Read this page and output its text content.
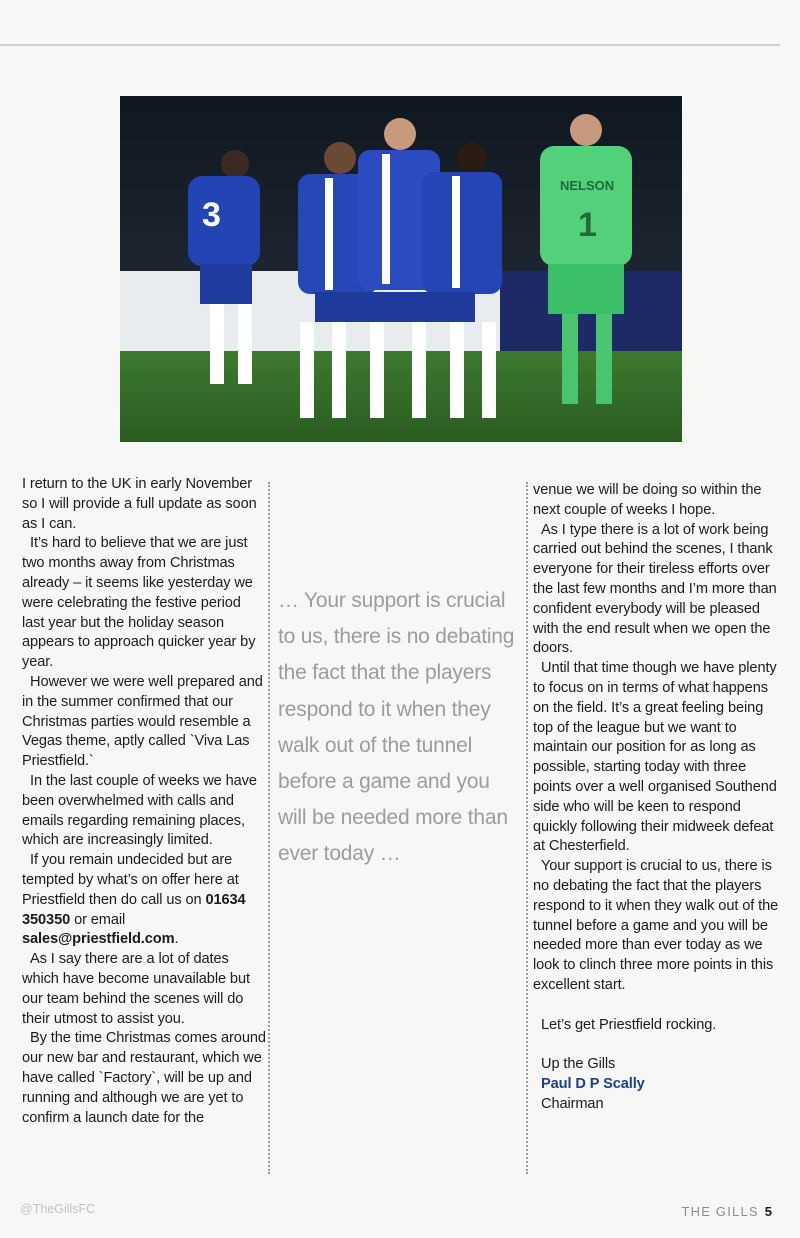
3
NELSON
1

I return to the UK in early November so I will provide a full update as soon as I can.

It’s hard to believe that we are just two months away from Christmas already – it seems like yesterday we were celebrating the festive period last year but the holiday season appears to approach quicker year by year.

However we were well prepared and in the summer confirmed that our Christmas parties would resemble a Vegas theme, aptly called `Viva Las Priestfield.`

In the last couple of weeks we have been overwhelmed with calls and emails regarding remaining places, which are increasingly limited.

If you remain undecided but are tempted by what’s on offer here at Priestfield then do call us on 01634 350350 or email sales@priestfield.com.

As I say there are a lot of dates which have become unavailable but our team behind the scenes will do their utmost to assist you.

By the time Christmas comes around our new bar and restaurant, which we have called `Factory`, will be up and running and although we are yet to confirm a launch date for the

… Your support is crucial to us, there is no debating the fact that the players respond to it when they walk out of the tunnel before a game and you will be needed more than ever today …

venue we will be doing so within the next couple of weeks I hope.

As I type there is a lot of work being carried out behind the scenes, I thank everyone for their tireless efforts over the last few months and I’m more than confident everybody will be pleased with the end result when we open the doors.

Until that time though we have plenty to focus on in terms of what happens on the field. It’s a great feeling being top of the league but we want to maintain our position for as long as possible, starting today with three points over a well organised Southend side who will be keen to respond quickly following their midweek defeat at Chesterfield.

Your support is crucial to us, there is no debating the fact that the players respond to it when they walk out of the tunnel before a game and you will be needed more than ever today as we look to clinch three more points in this excellent start.

Let’s get Priestfield rocking.

Up the Gills

Paul D P Scally

Chairman

@TheGillsFC	THE GILLS 5
